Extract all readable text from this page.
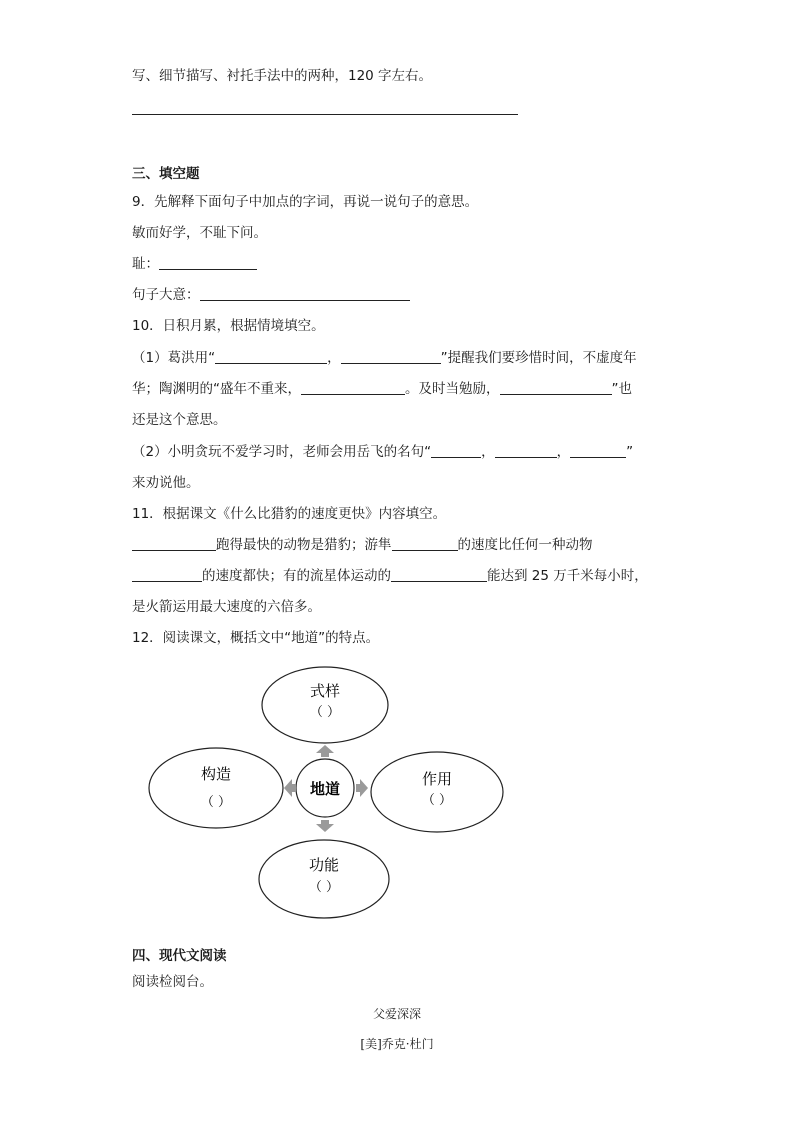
写、细节描写、衬托手法中的两种，120 字左右。
三、填空题
9．先解释下面句子中加点的字词，再说一说句子的意思。
敏而好学，不耻下问。
耻：
句子大意：
10．日积月累，根据情境填空。
（1）葛洪用“	，	”提醒我们要珍惜时间，不虚度年
华；陶渊明的“盛年不重来，	。及时当勉励，	”也
还是这个意思。
（2）小明贪玩不爱学习时，老师会用岳飞的名句“	，	，	”
来劝说他。
11．根据课文《什么比猎豹的速度更快》内容填空。
跑得最快的动物是猎豹；游隼	的速度比任何一种动物
的速度都快；有的流星体运动的	能达到 25 万千米每小时，
是火箭运用最大速度的六倍多。
12．阅读课文，概括文中“地道”的特点。
式样
（ ）
构造
（ ）
作用
（ ）
功能
（ ）
地道
四、现代文阅读
阅读检阅台。
父爱深深
[美]乔克·杜门
